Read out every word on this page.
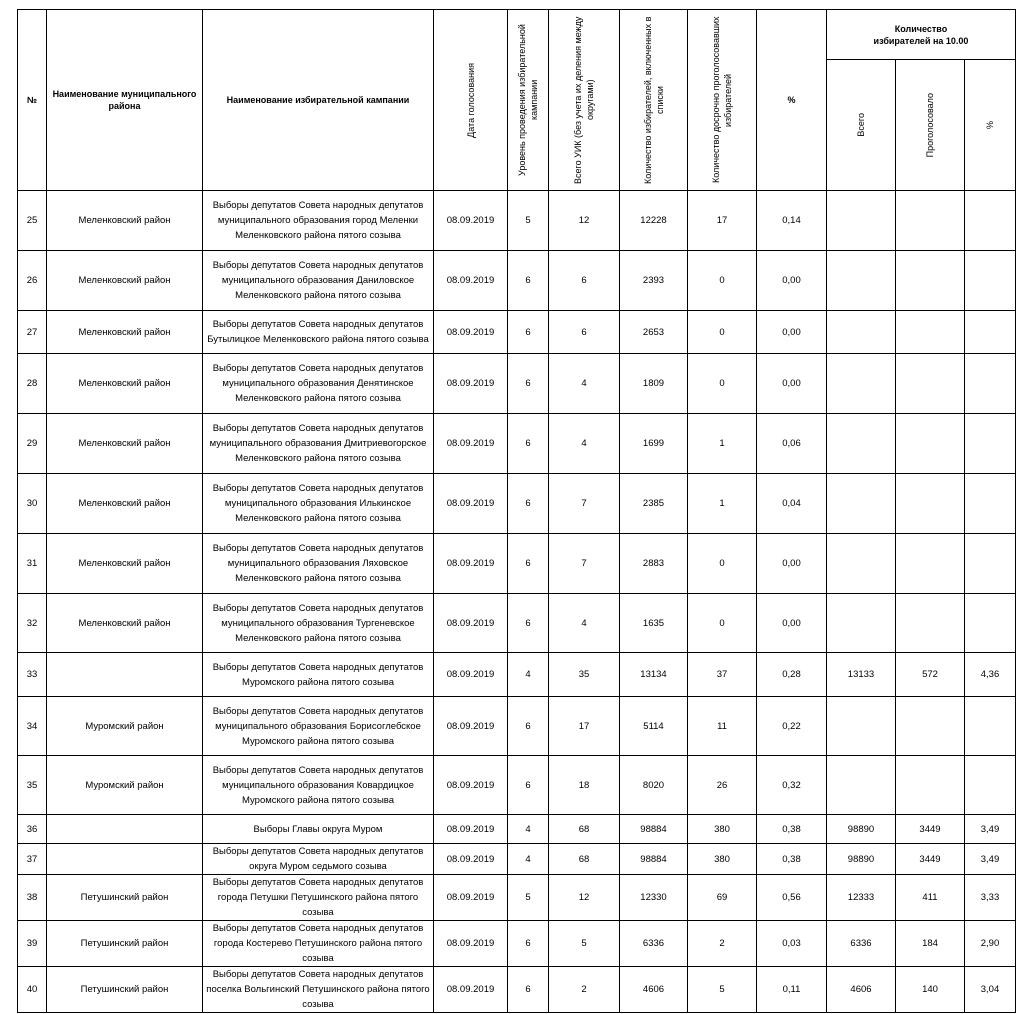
№	Наименование муниципального района	Наименование избирательной кампании	Дата голосования	Уровень проведения избирательной кампании	Всего УИК (без учета их деления между округами)	Количество избирателей, включенных в списки	Количество досрочно проголосовавших избирателей	%	Количество избирателей на 10.00		

									Всего	Проголосовало	%

25	Меленковский район	Выборы депутатов Совета народных депутатов муниципального образования город Меленки Меленковского района пятого созыва	08.09.2019	5	12	12228	17	0,14			
26	Меленковский район	Выборы депутатов Совета народных депутатов муниципального образования Даниловское Меленковского района пятого созыва	08.09.2019	6	6	2393	0	0,00			
27	Меленковский район	Выборы депутатов Совета народных депутатов Бутылицкое Меленковского района пятого созыва	08.09.2019	6	6	2653	0	0,00			
28	Меленковский район	Выборы депутатов Совета народных депутатов муниципального образования Денятинское Меленковского района пятого созыва	08.09.2019	6	4	1809	0	0,00			
29	Меленковский район	Выборы депутатов Совета народных депутатов муниципального образования Дмитриевогорское Меленковского района пятого созыва	08.09.2019	6	4	1699	1	0,06			
30	Меленковский район	Выборы депутатов Совета народных депутатов муниципального образования Илькинское Меленковского района пятого созыва	08.09.2019	6	7	2385	1	0,04			
31	Меленковский район	Выборы депутатов Совета народных депутатов муниципального образования Ляховское Меленковского района пятого созыва	08.09.2019	6	7	2883	0	0,00			
32	Меленковский район	Выборы депутатов Совета народных депутатов муниципального образования Тургеневское Меленковского района пятого созыва	08.09.2019	6	4	1635	0	0,00			
33		Выборы депутатов Совета народных депутатов Муромского района пятого созыва	08.09.2019	4	35	13134	37	0,28	13133	572	4,36
34	Муромский район	Выборы депутатов Совета народных депутатов муниципального образования Борисоглебское Муромского района пятого созыва	08.09.2019	6	17	5114	11	0,22			
35	Муромский район	Выборы депутатов Совета народных депутатов муниципального образования Ковардицкое Муромского района пятого созыва	08.09.2019	6	18	8020	26	0,32			
36		Выборы Главы округа Муром	08.09.2019	4	68	98884	380	0,38	98890	3449	3,49
37		Выборы депутатов Совета народных депутатов округа Муром седьмого созыва	08.09.2019	4	68	98884	380	0,38	98890	3449	3,49
38	Петушинский район	Выборы депутатов Совета народных депутатов города Петушки Петушинского района пятого созыва	08.09.2019	5	12	12330	69	0,56	12333	411	3,33
39	Петушинский район	Выборы депутатов Совета народных депутатов города Костерево Петушинского района пятого созыва	08.09.2019	6	5	6336	2	0,03	6336	184	2,90
40	Петушинский район	Выборы депутатов Совета народных депутатов поселка Вольгинский Петушинского района пятого созыва	08.09.2019	6	2	4606	5	0,11	4606	140	3,04
